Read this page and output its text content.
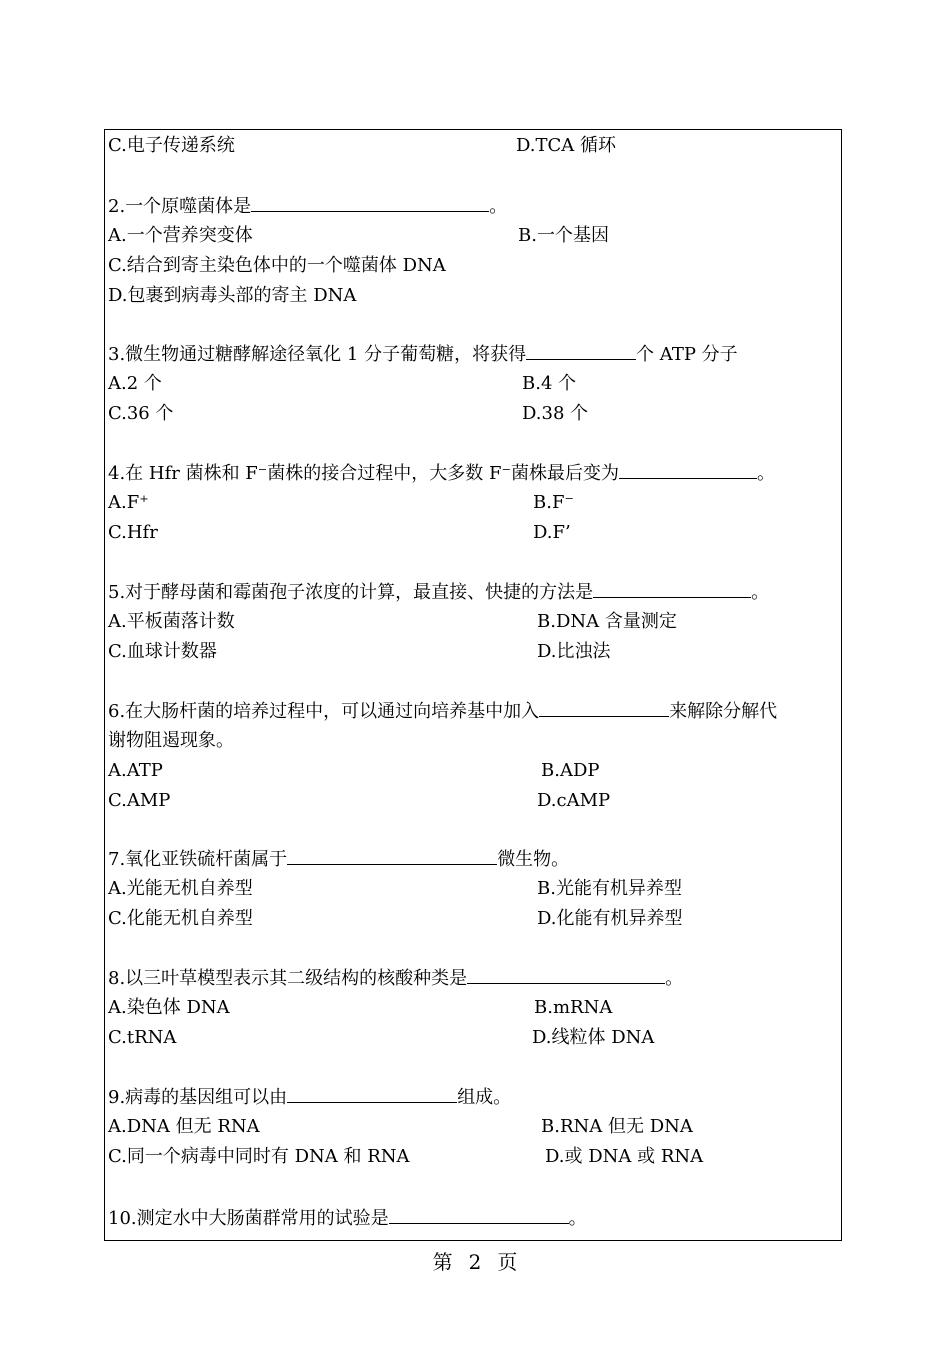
C.电子传递系统	D.TCA 循环
2.一个原噬菌体是	。
A.一个营养突变体	B.一个基因
C.结合到寄主染色体中的一个噬菌体 DNA
D.包裹到病毒头部的寄主 DNA
3.微生物通过糖酵解途径氧化 1 分子葡萄糖，将获得	个 ATP 分子
A.2 个	B.4 个
C.36 个	D.38 个
4.在 Hfr 菌株和 F⁻菌株的接合过程中，大多数 F⁻菌株最后变为	。
A.F⁺	B.F⁻
C.Hfr	D.F’
5.对于酵母菌和霉菌孢子浓度的计算，最直接、快捷的方法是	。
A.平板菌落计数	B.DNA 含量测定
C.血球计数器	D.比浊法
6.在大肠杆菌的培养过程中，可以通过向培养基中加入	来解除分解代
谢物阻遏现象。
A.ATP	B.ADP
C.AMP	D.cAMP
7.氧化亚铁硫杆菌属于	微生物。
A.光能无机自养型	B.光能有机异养型
C.化能无机自养型	D.化能有机异养型
8.以三叶草模型表示其二级结构的核酸种类是	。
A.染色体 DNA	B.mRNA
C.tRNA	D.线粒体 DNA
9.病毒的基因组可以由	组成。
A.DNA 但无 RNA	B.RNA 但无 DNA
C.同一个病毒中同时有 DNA 和 RNA	D.或 DNA 或 RNA
10.测定水中大肠菌群常用的试验是	。
第 2 页
